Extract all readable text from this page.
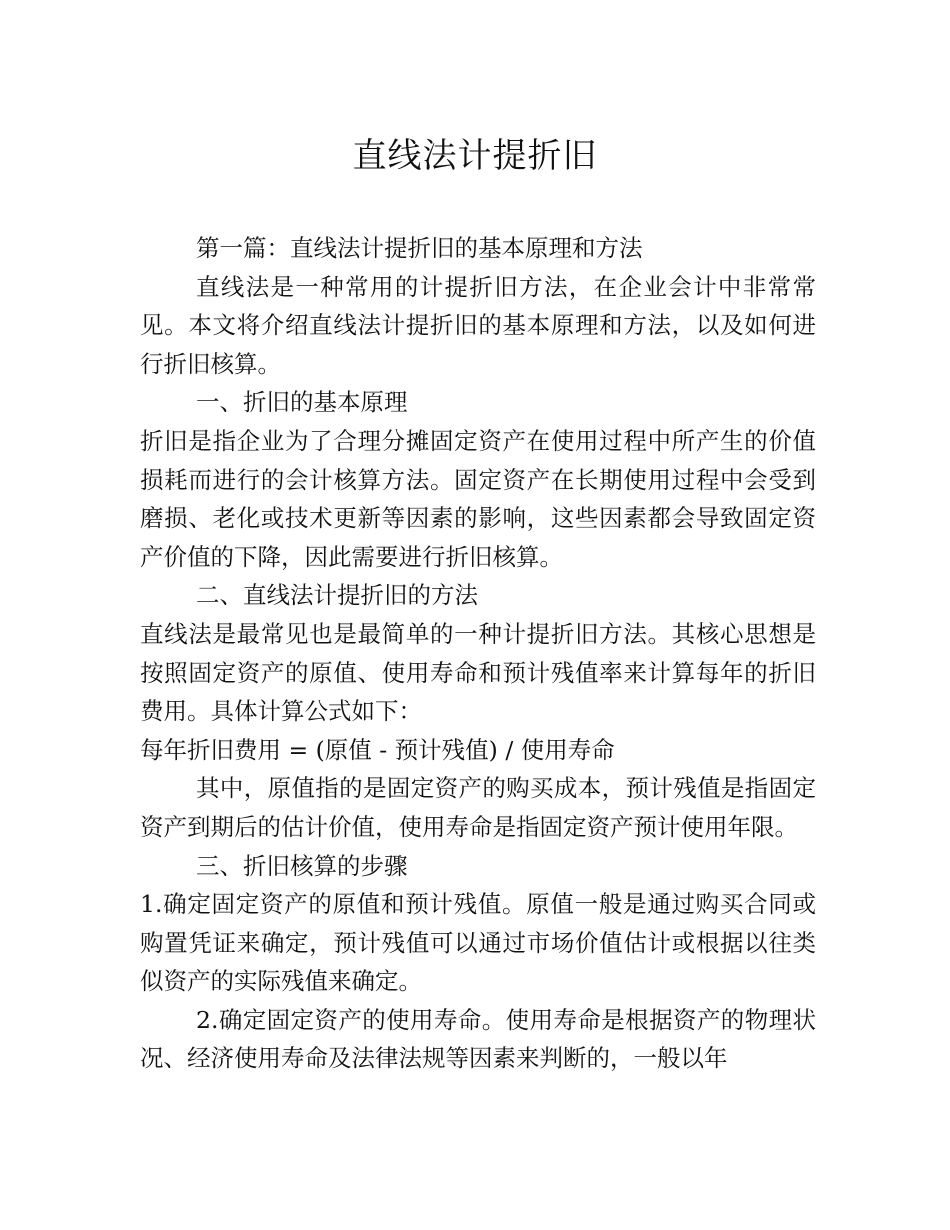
直线法计提折旧

第一篇：直线法计提折旧的基本原理和方法

直线法是一种常用的计提折旧方法，在企业会计中非常常见。本文将介绍直线法计提折旧的基本原理和方法，以及如何进行折旧核算。

一、折旧的基本原理

折旧是指企业为了合理分摊固定资产在使用过程中所产生的价值损耗而进行的会计核算方法。固定资产在长期使用过程中会受到磨损、老化或技术更新等因素的影响，这些因素都会导致固定资产价值的下降，因此需要进行折旧核算。

二、直线法计提折旧的方法

直线法是最常见也是最简单的一种计提折旧方法。其核心思想是按照固定资产的原值、使用寿命和预计残值率来计算每年的折旧费用。具体计算公式如下：

每年折旧费用 = (原值 - 预计残值) / 使用寿命

其中，原值指的是固定资产的购买成本，预计残值是指固定资产到期后的估计价值，使用寿命是指固定资产预计使用年限。

三、折旧核算的步骤

1.确定固定资产的原值和预计残值。原值一般是通过购买合同或购置凭证来确定，预计残值可以通过市场价值估计或根据以往类似资产的实际残值来确定。

2.确定固定资产的使用寿命。使用寿命是根据资产的物理状况、经济使用寿命及法律法规等因素来判断的，一般以年
